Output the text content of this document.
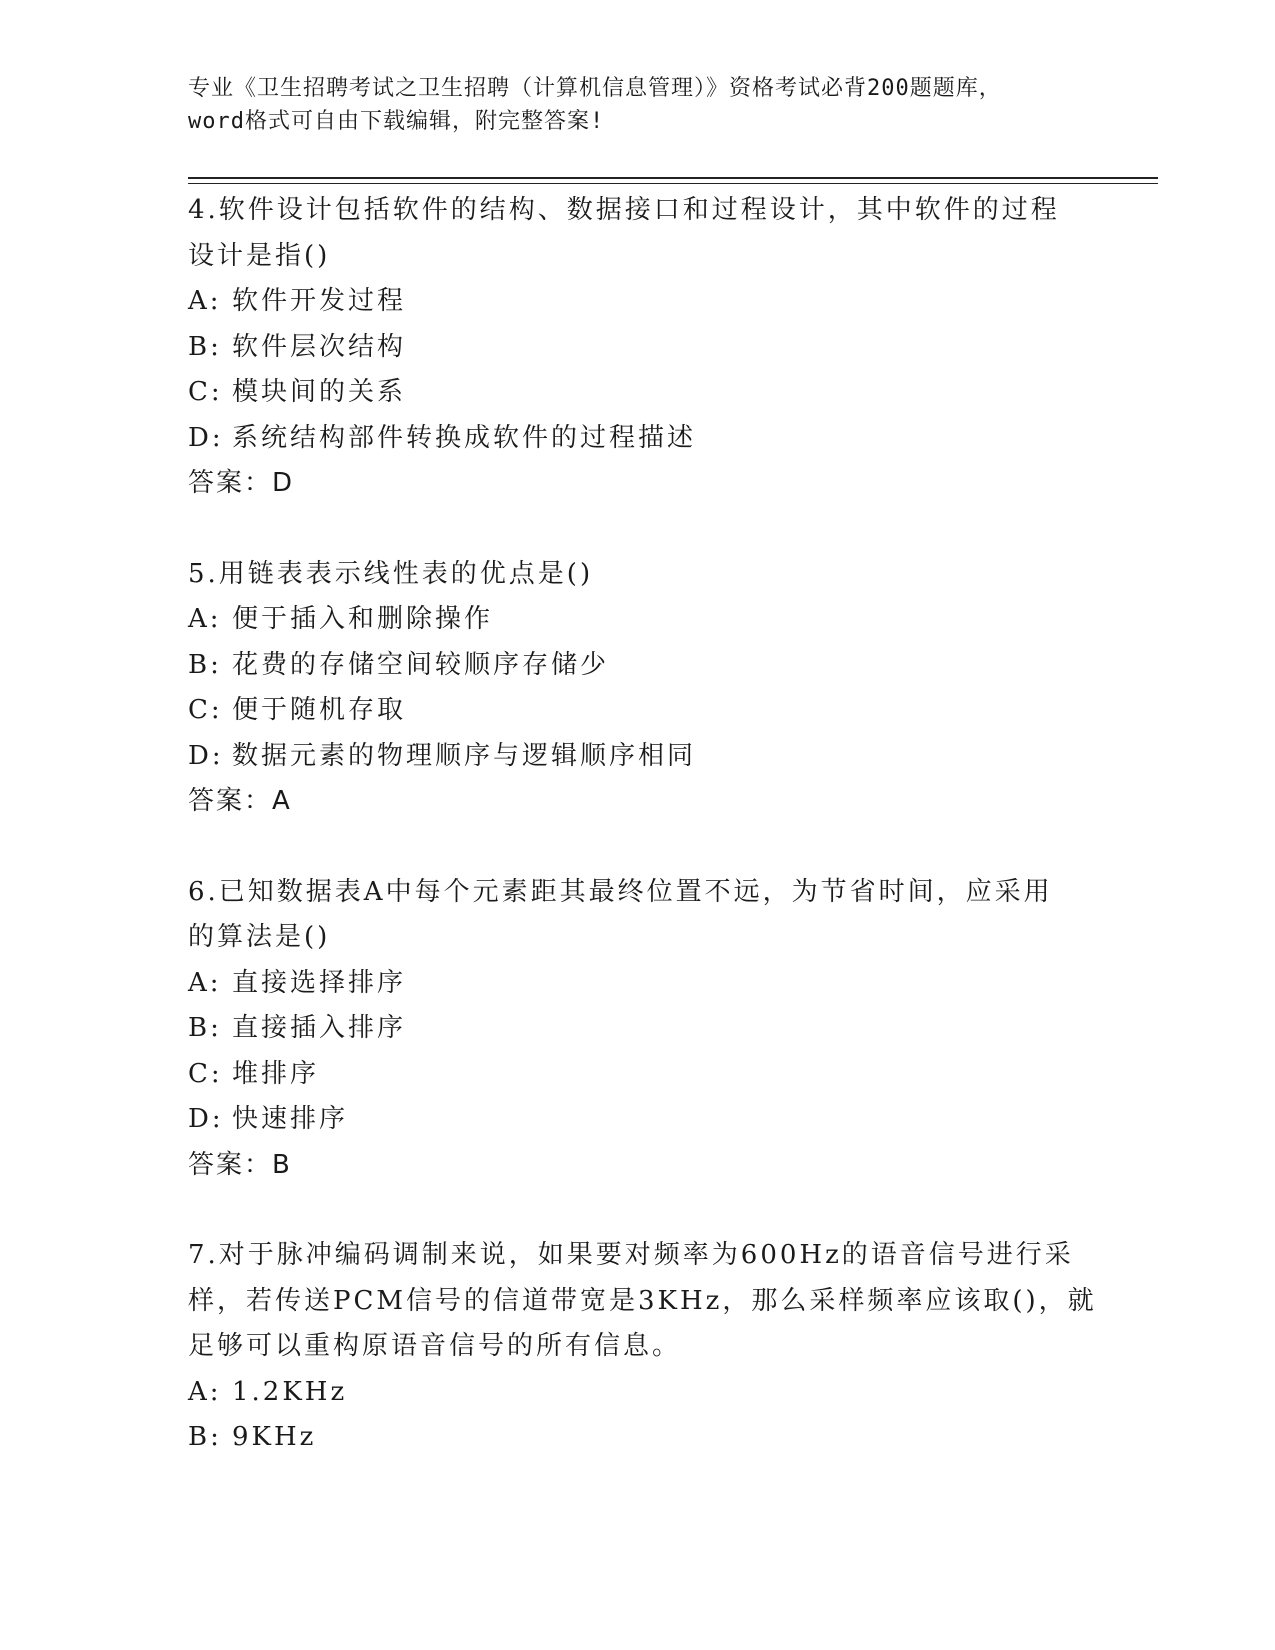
专业《卫生招聘考试之卫生招聘（计算机信息管理）》资格考试必背200题题库，
word格式可自由下载编辑，附完整答案!
4.软件设计包括软件的结构、数据接口和过程设计，其中软件的过程
设计是指()
A: 软件开发过程
B: 软件层次结构
C: 模块间的关系
D: 系统结构部件转换成软件的过程描述
答案：D
5.用链表表示线性表的优点是()
A: 便于插入和删除操作
B: 花费的存储空间较顺序存储少
C: 便于随机存取
D: 数据元素的物理顺序与逻辑顺序相同
答案：A
6.已知数据表A中每个元素距其最终位置不远，为节省时间，应采用
的算法是()
A: 直接选择排序
B: 直接插入排序
C: 堆排序
D: 快速排序
答案：B
7.对于脉冲编码调制来说，如果要对频率为600Hz的语音信号进行采
样，若传送PCM信号的信道带宽是3KHz，那么采样频率应该取()，就
足够可以重构原语音信号的所有信息。
A: 1.2KHz
B: 9KHz
